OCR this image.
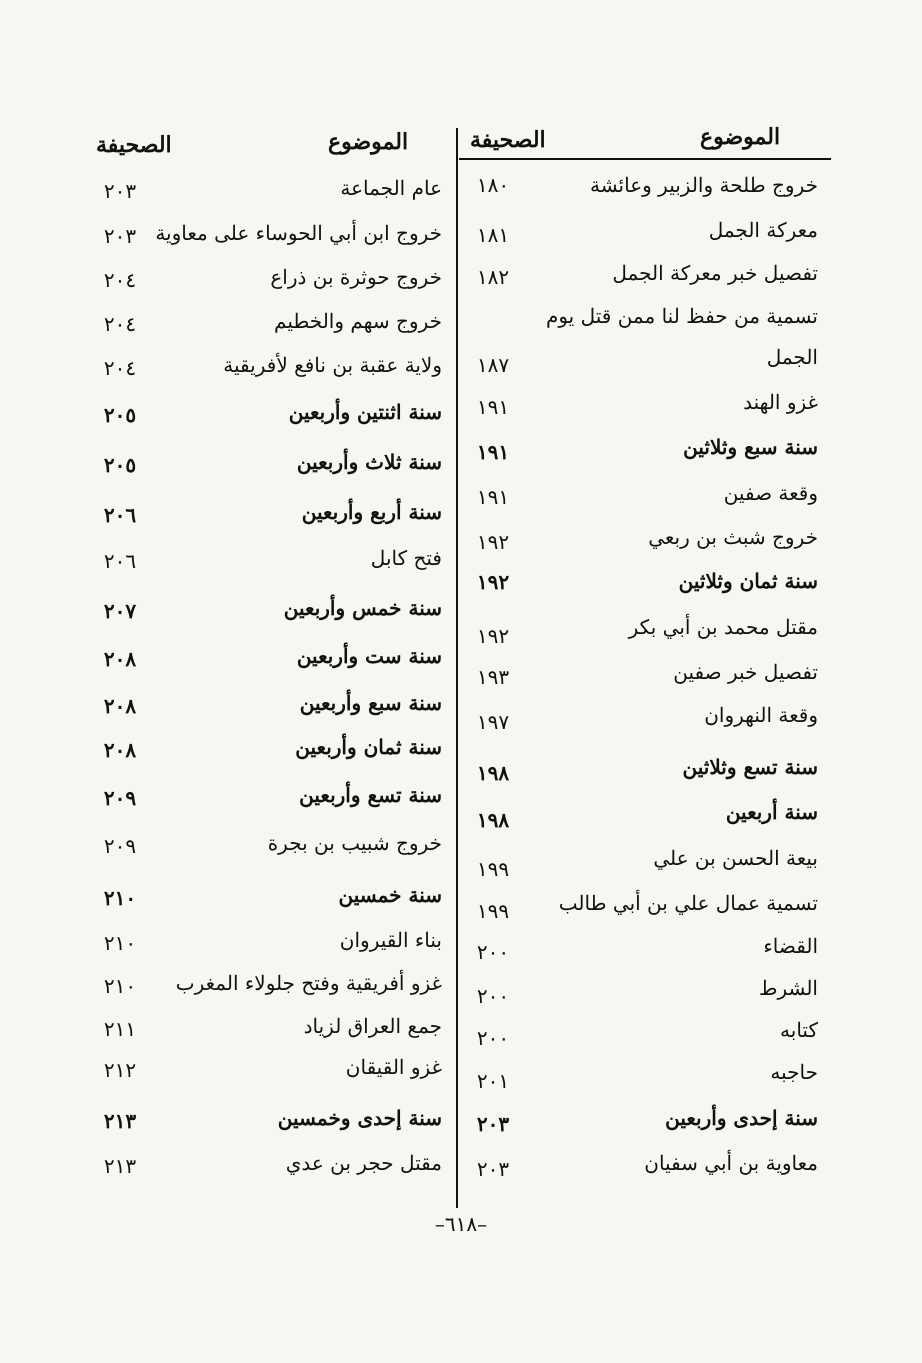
الموضوع
الصحيفة
الموضوع
الصحيفة
خروج طلحة والزبير وعائشة
١٨٠
معركة الجمل
١٨١
تفصيل خبر معركة الجمل
١٨٢
تسمية من حفظ لنا ممن قتل يوم
الجمل
١٨٧
غزو الهند
١٩١
سنة سبع وثلاثين
١٩١
وقعة صفين
١٩١
خروج شبث بن ربعي
١٩٢
سنة ثمان وثلاثين
١٩٢
مقتل محمد بن أبي بكر
١٩٢
تفصيل خبر صفين
١٩٣
وقعة النهروان
١٩٧
سنة تسع وثلاثين
١٩٨
سنة أربعين
١٩٨
بيعة الحسن بن علي
١٩٩
تسمية عمال علي بن أبي طالب
١٩٩
القضاء
٢٠٠
الشرط
٢٠٠
كتابه
٢٠٠
حاجبه
٢٠١
سنة إحدى وأربعين
٢٠٣
معاوية بن أبي سفيان
٢٠٣
عام الجماعة
٢٠٣
خروج ابن أبي الحوساء على معاوية
٢٠٣
خروج حوثرة بن ذراع
٢٠٤
خروج سهم والخطيم
٢٠٤
ولاية عقبة بن نافع لأفريقية
٢٠٤
سنة اثنتين وأربعين
٢٠٥
سنة ثلاث وأربعين
٢٠٥
سنة أربع وأربعين
٢٠٦
فتح كابل
٢٠٦
سنة خمس وأربعين
٢٠٧
سنة ست وأربعين
٢٠٨
سنة سبع وأربعين
٢٠٨
سنة ثمان وأربعين
٢٠٨
سنة تسع وأربعين
٢٠٩
خروج شبيب بن بجرة
٢٠٩
سنة خمسين
٢١٠
بناء القيروان
٢١٠
غزو أفريقية وفتح جلولاء المغرب
٢١٠
جمع العراق لزياد
٢١١
غزو القيقان
٢١٢
سنة إحدى وخمسين
٢١٣
مقتل حجر بن عدي
٢١٣
–٦١٨–
